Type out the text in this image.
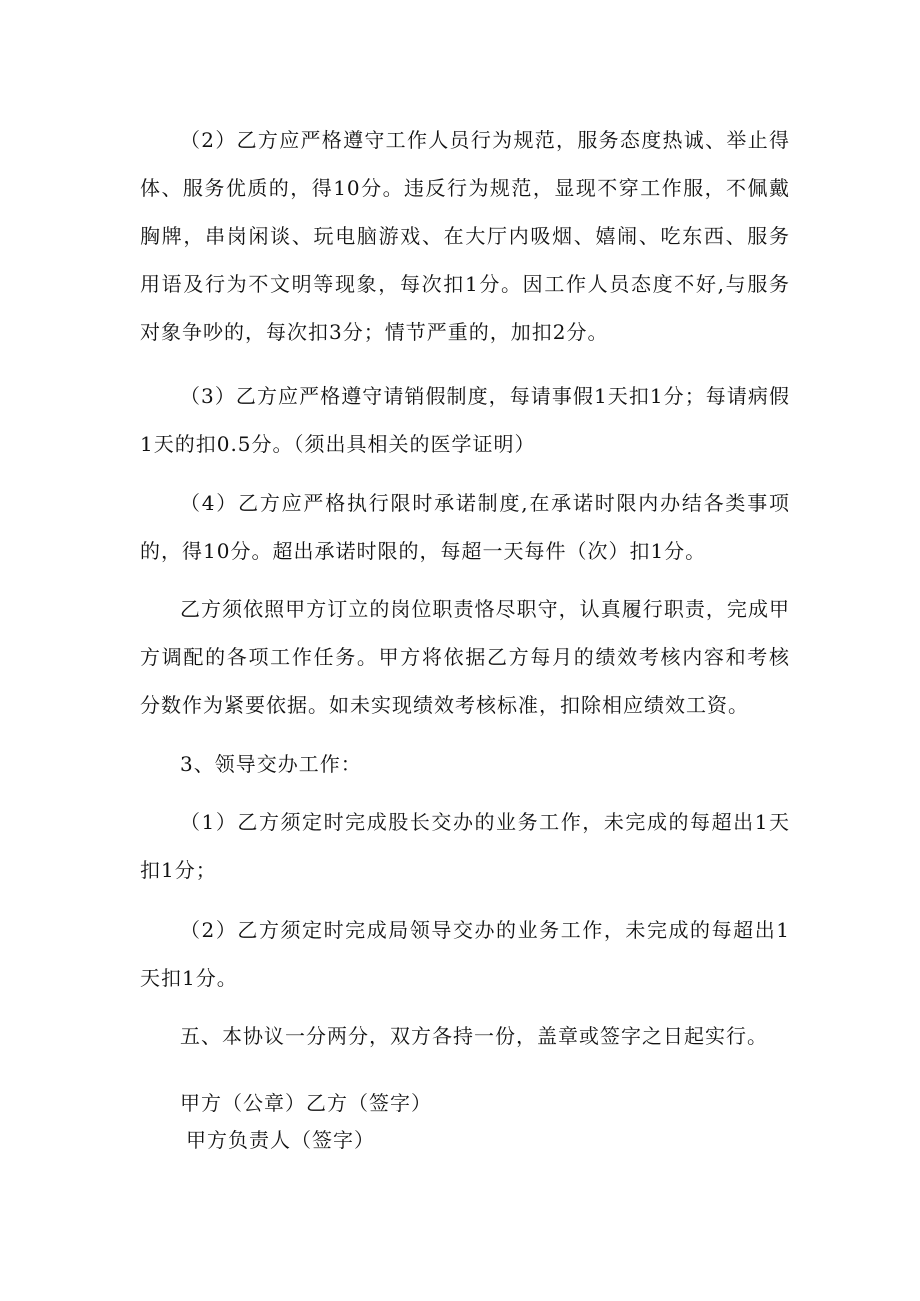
（2）乙方应严格遵守工作人员行为规范，服务态度热诚、举止得体、服务优质的，得10分。违反行为规范，显现不穿工作服，不佩戴胸牌，串岗闲谈、玩电脑游戏、在大厅内吸烟、嬉闹、吃东西、服务用语及行为不文明等现象，每次扣1分。因工作人员态度不好,与服务对象争吵的，每次扣3分；情节严重的，加扣2分。

（3）乙方应严格遵守请销假制度，每请事假1天扣1分；每请病假1天的扣0.5分。（须出具相关的医学证明）

（4）乙方应严格执行限时承诺制度,在承诺时限内办结各类事项的，得10分。超出承诺时限的，每超一天每件（次）扣1分。

乙方须依照甲方订立的岗位职责恪尽职守，认真履行职责，完成甲方调配的各项工作任务。甲方将依据乙方每月的绩效考核内容和考核分数作为紧要依据。如未实现绩效考核标准，扣除相应绩效工资。

3、领导交办工作：

（1）乙方须定时完成股长交办的业务工作，未完成的每超出1天扣1分；

（2）乙方须定时完成局领导交办的业务工作，未完成的每超出1天扣1分。

五、本协议一分两分，双方各持一份，盖章或签字之日起实行。

甲方（公章）乙方（签字）

甲方负责人（签字）
